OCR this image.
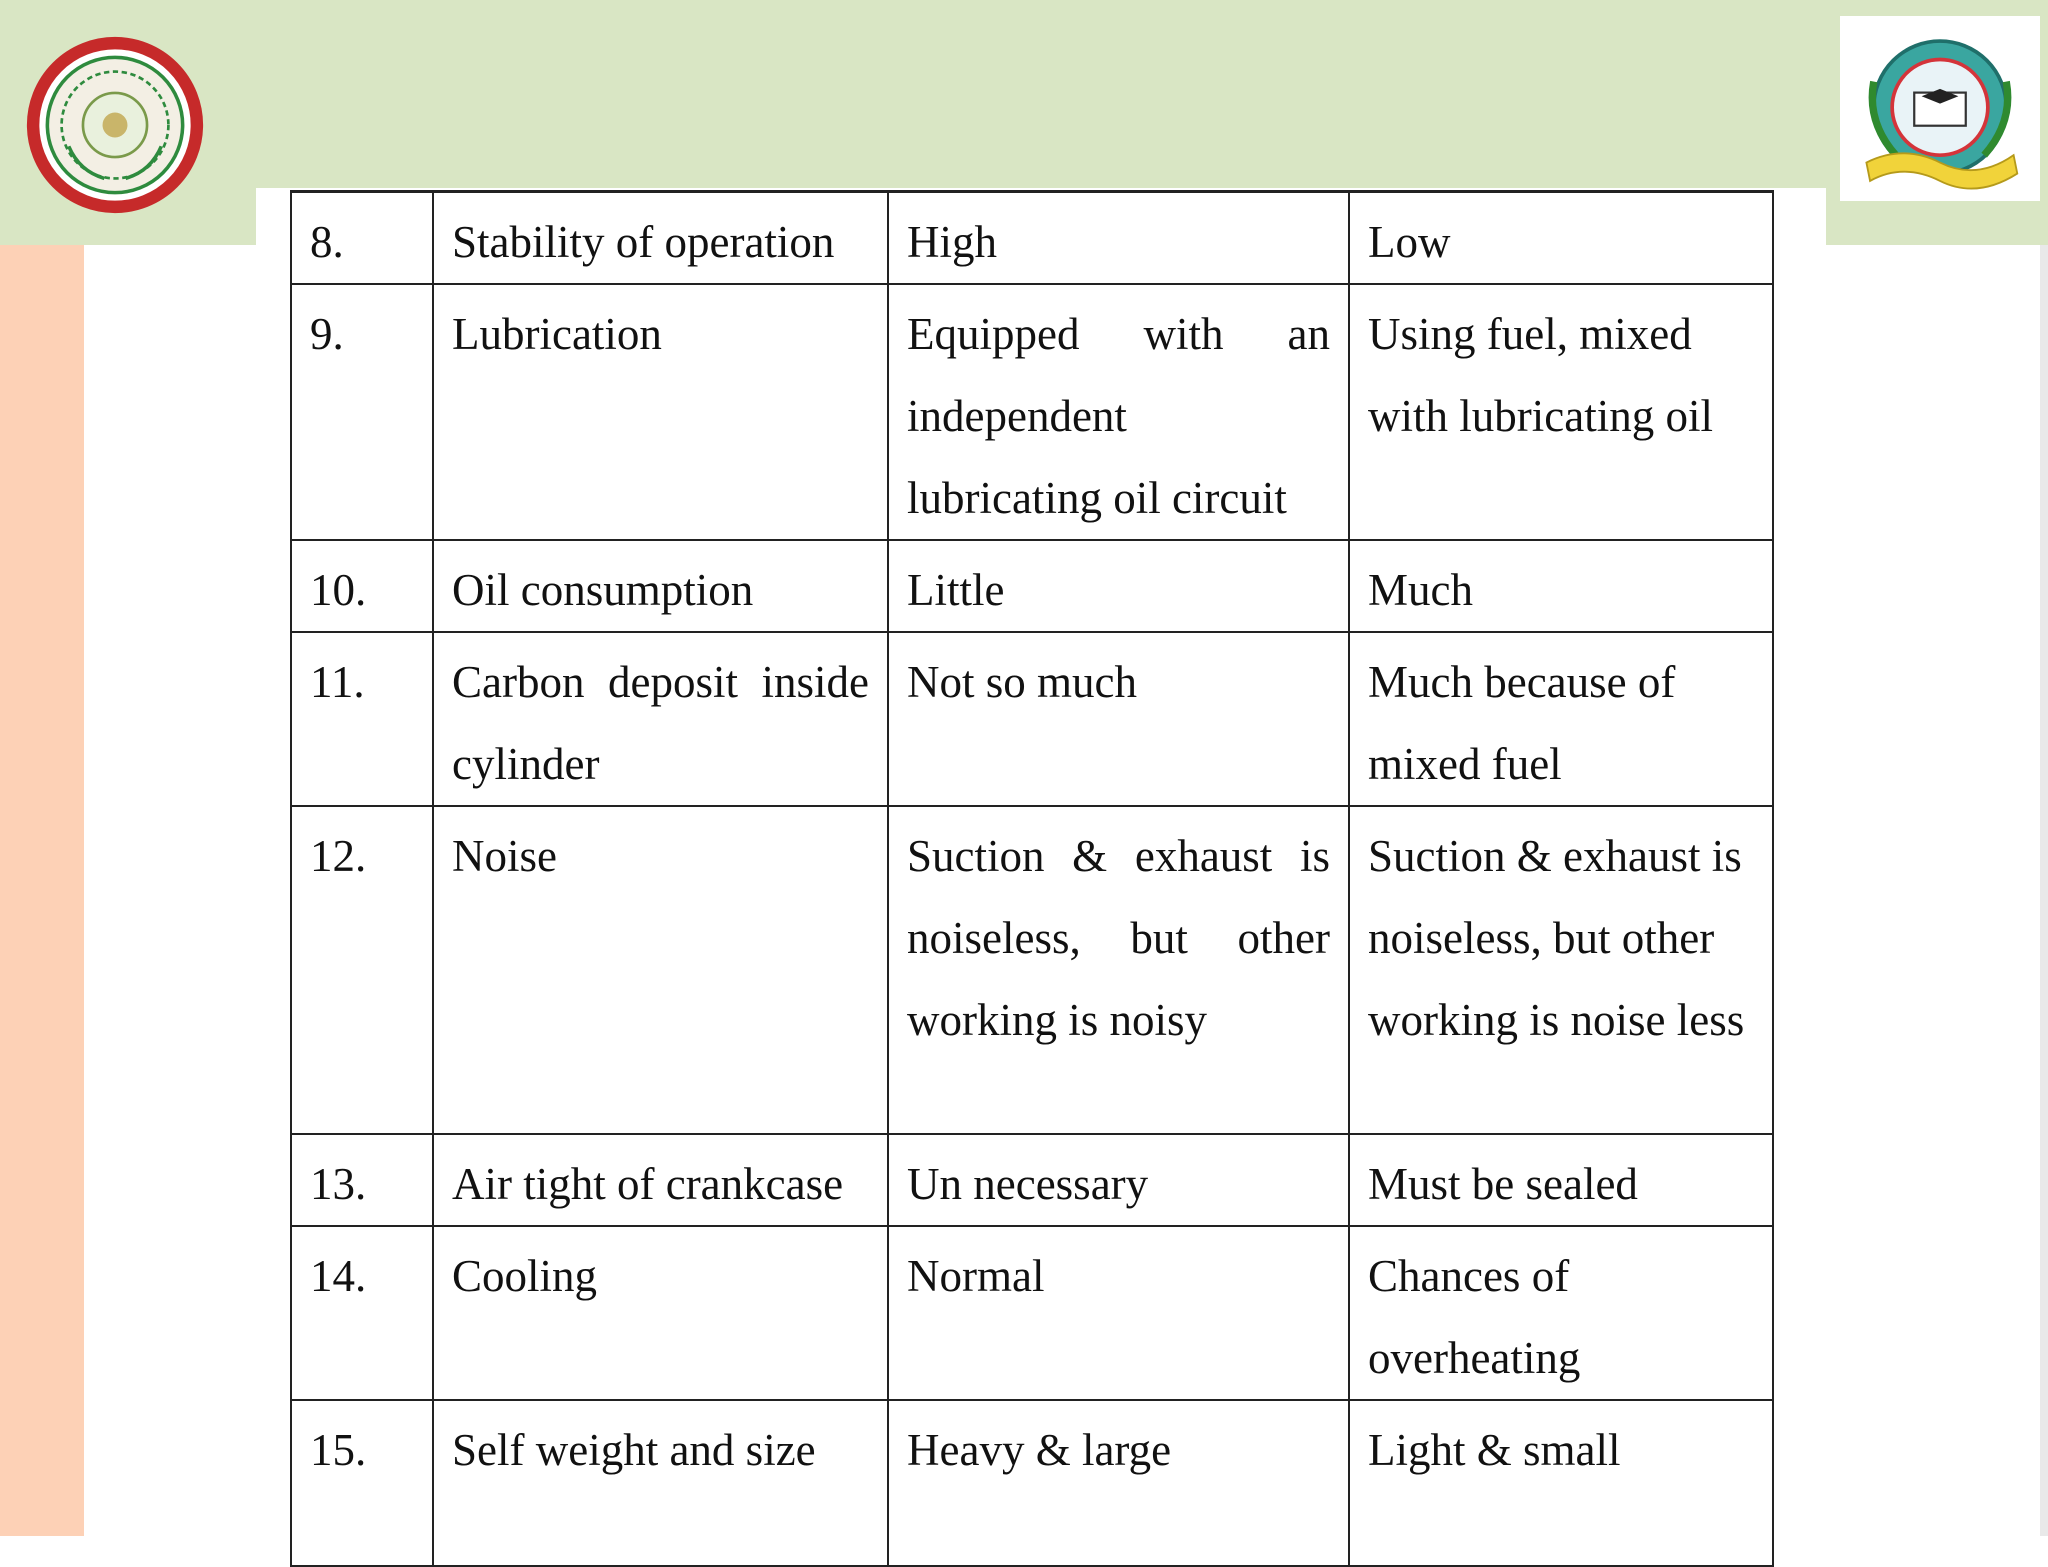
8.	Stability of operation	High	Low
9.	Lubrication	Equipped with an independent lubricating oil circuit	Using fuel, mixed with lubricating oil
10.	Oil consumption	Little	Much
11.	Carbon deposit inside cylinder	Not so much	Much because of mixed fuel
12.	Noise	Suction & exhaust is noiseless, but other working is noisy	Suction & exhaust is noiseless, but other working is noise less
13.	Air tight of crankcase	Un necessary	Must be sealed
14.	Cooling	Normal	Chances of overheating
15.	Self weight and size	Heavy & large	Light & small
